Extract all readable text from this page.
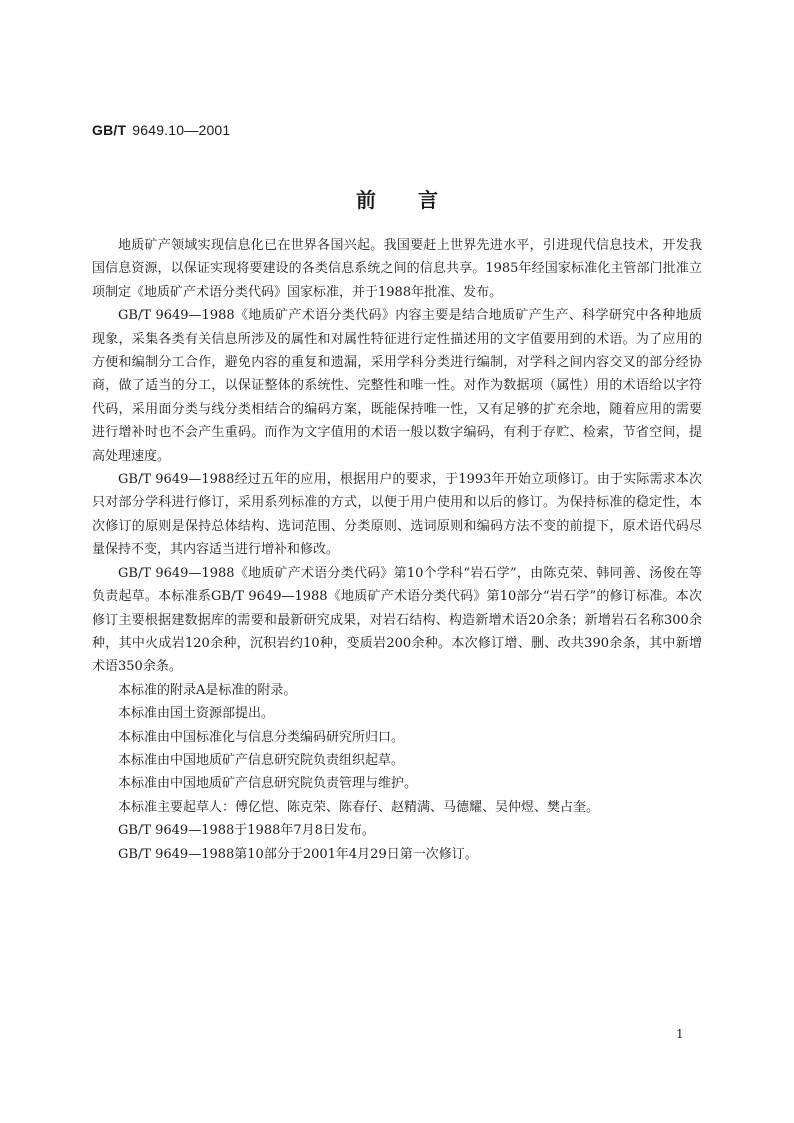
GB/T 9649.10—2001
前言

地质矿产领域实现信息化已在世界各国兴起。我国要赶上世界先进水平，引进现代信息技术，开发我国信息资源，以保证实现将要建设的各类信息系统之间的信息共享。1985年经国家标准化主管部门批准立项制定《地质矿产术语分类代码》国家标准，并于1988年批准、发布。

GB/T 9649—1988《地质矿产术语分类代码》内容主要是结合地质矿产生产、科学研究中各种地质现象，采集各类有关信息所涉及的属性和对属性特征进行定性描述用的文字值要用到的术语。为了应用的方便和编制分工合作，避免内容的重复和遗漏，采用学科分类进行编制，对学科之间内容交叉的部分经协商，做了适当的分工，以保证整体的系统性、完整性和唯一性。对作为数据项（属性）用的术语给以字符代码，采用面分类与线分类相结合的编码方案，既能保持唯一性，又有足够的扩充余地，随着应用的需要进行增补时也不会产生重码。而作为文字值用的术语一般以数字编码，有利于存贮、检索，节省空间，提高处理速度。

GB/T 9649—1988经过五年的应用，根据用户的要求，于1993年开始立项修订。由于实际需求本次只对部分学科进行修订，采用系列标准的方式，以便于用户使用和以后的修订。为保持标准的稳定性，本次修订的原则是保持总体结构、选词范围、分类原则、选词原则和编码方法不变的前提下，原术语代码尽量保持不变，其内容适当进行增补和修改。

GB/T 9649—1988《地质矿产术语分类代码》第10个学科“岩石学”，由陈克荣、韩同善、汤俊在等负责起草。本标准系GB/T 9649—1988《地质矿产术语分类代码》第10部分“岩石学”的修订标准。本次修订主要根据建数据库的需要和最新研究成果，对岩石结构、构造新增术语20余条；新增岩石名称300余种，其中火成岩120余种，沉积岩约10种，变质岩200余种。本次修订增、删、改共390余条，其中新增术语350余条。

本标准的附录A是标准的附录。

本标准由国土资源部提出。

本标准由中国标准化与信息分类编码研究所归口。

本标准由中国地质矿产信息研究院负责组织起草。

本标准由中国地质矿产信息研究院负责管理与维护。

本标准主要起草人：傅亿恺、陈克荣、陈春仔、赵精满、马德耀、吴仲煜、樊占奎。

GB/T 9649—1988于1988年7月8日发布。

GB/T 9649—1988第10部分于2001年4月29日第一次修订。

1
